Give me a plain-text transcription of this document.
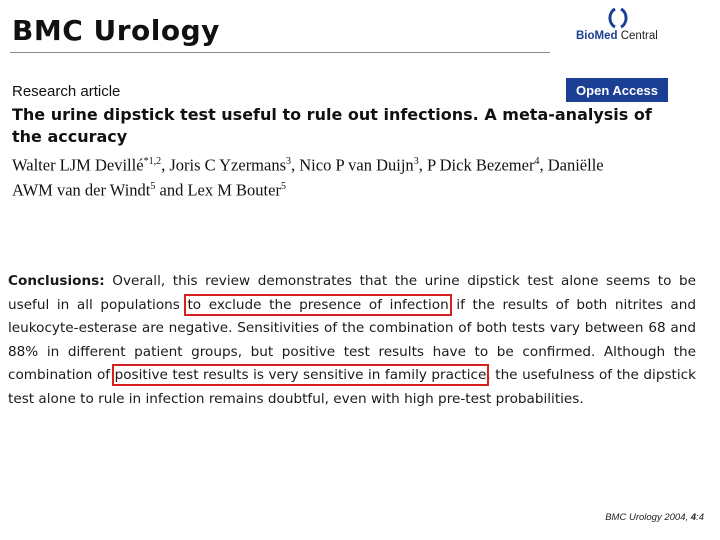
BMC Urology	BioMed Central
Research article	Open Access
The urine dipstick test useful to rule out infections. A meta-analysis of the accuracy
Walter LJM Devillé$^{*1,2}$, Joris C Yzermans$^3$, Nico P van Duijn$^3$, P Dick Bezemer$^4$, Daniëlle AWM van der Windt$^5$ and Lex M Bouter$^5$
Conclusions: Overall, this review demonstrates that the urine dipstick test alone seems to be useful in all populations to exclude the presence of infection if the results of both nitrites and leukocyte-esterase are negative. Sensitivities of the combination of both tests vary between 68 and 88% in different patient groups, but positive test results have to be confirmed. Although the combination of positive test results is very sensitive in family practice, the usefulness of the dipstick test alone to rule in infection remains doubtful, even with high pre-test probabilities.
BMC Urology 2004, 4:4
